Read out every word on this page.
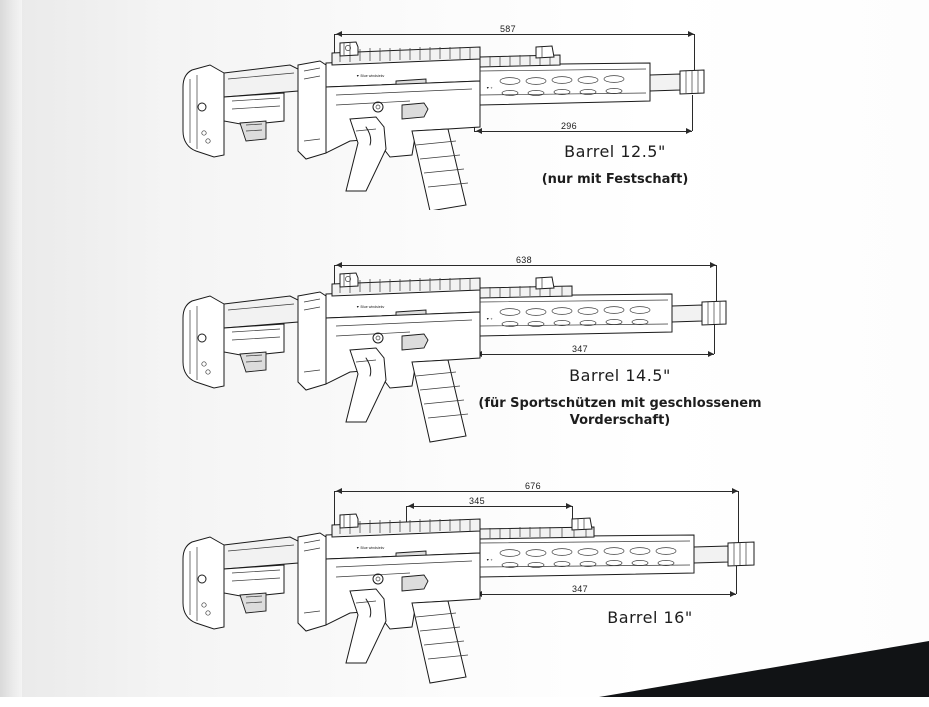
587
296
▼ Blue windsiekv
▼ ⌖
Barrel 12.5"
(nur mit Festschaft)
638
347
▼ Blue windsiekv
▼ ⌖
Barrel 14.5"
(für Sportschützen mit geschlossenem
Vorderschaft)
676
345
347
▼ Blue windsiekv
▼ ⌖
Barrel 16"
